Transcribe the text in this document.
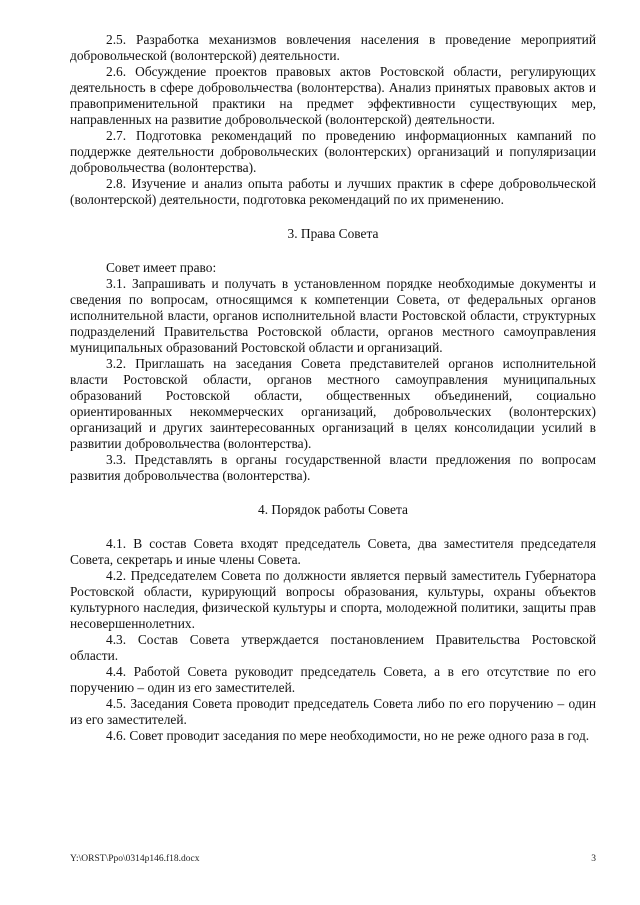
2.5. Разработка механизмов вовлечения населения в проведение мероприятий добровольческой (волонтерской) деятельности.

2.6. Обсуждение проектов правовых актов Ростовской области, регулирующих деятельность в сфере добровольчества (волонтерства). Анализ принятых правовых актов и правоприменительной практики на предмет эффективности существующих мер, направленных на развитие добровольческой (волонтерской) деятельности.

2.7. Подготовка рекомендаций по проведению информационных кампаний по поддержке деятельности добровольческих (волонтерских) организаций и популяризации добровольчества (волонтерства).

2.8. Изучение и анализ опыта работы и лучших практик в сфере добровольческой (волонтерской) деятельности, подготовка рекомендаций по их применению.

3. Права Совета

Совет имеет право:

3.1. Запрашивать и получать в установленном порядке необходимые документы и сведения по вопросам, относящимся к компетенции Совета, от федеральных органов исполнительной власти, органов исполнительной власти Ростовской области, структурных подразделений Правительства Ростовской области, органов местного самоуправления муниципальных образований Ростовской области и организаций.

3.2. Приглашать на заседания Совета представителей органов исполнительной власти Ростовской области, органов местного самоуправления муниципальных образований Ростовской области, общественных объединений, социально ориентированных некоммерческих организаций, добровольческих (волонтерских) организаций и других заинтересованных организаций в целях консолидации усилий в развитии добровольчества (волонтерства).

3.3. Представлять в органы государственной власти предложения по вопросам развития добровольчества (волонтерства).

4. Порядок работы Совета

4.1. В состав Совета входят председатель Совета, два заместителя председателя Совета, секретарь и иные члены Совета.

4.2. Председателем Совета по должности является первый заместитель Губернатора Ростовской области, курирующий вопросы образования, культуры, охраны объектов культурного наследия, физической культуры и спорта, молодежной политики, защиты прав несовершеннолетних.

4.3. Состав Совета утверждается постановлением Правительства Ростовской области.

4.4. Работой Совета руководит председатель Совета, а в его отсутствие по его поручению – один из его заместителей.

4.5. Заседания Совета проводит председатель Совета либо по его поручению – один из его заместителей.

4.6. Совет проводит заседания по мере необходимости, но не реже одного раза в год.

Y:\ORST\Ppo\0314p146.f18.docx	3
